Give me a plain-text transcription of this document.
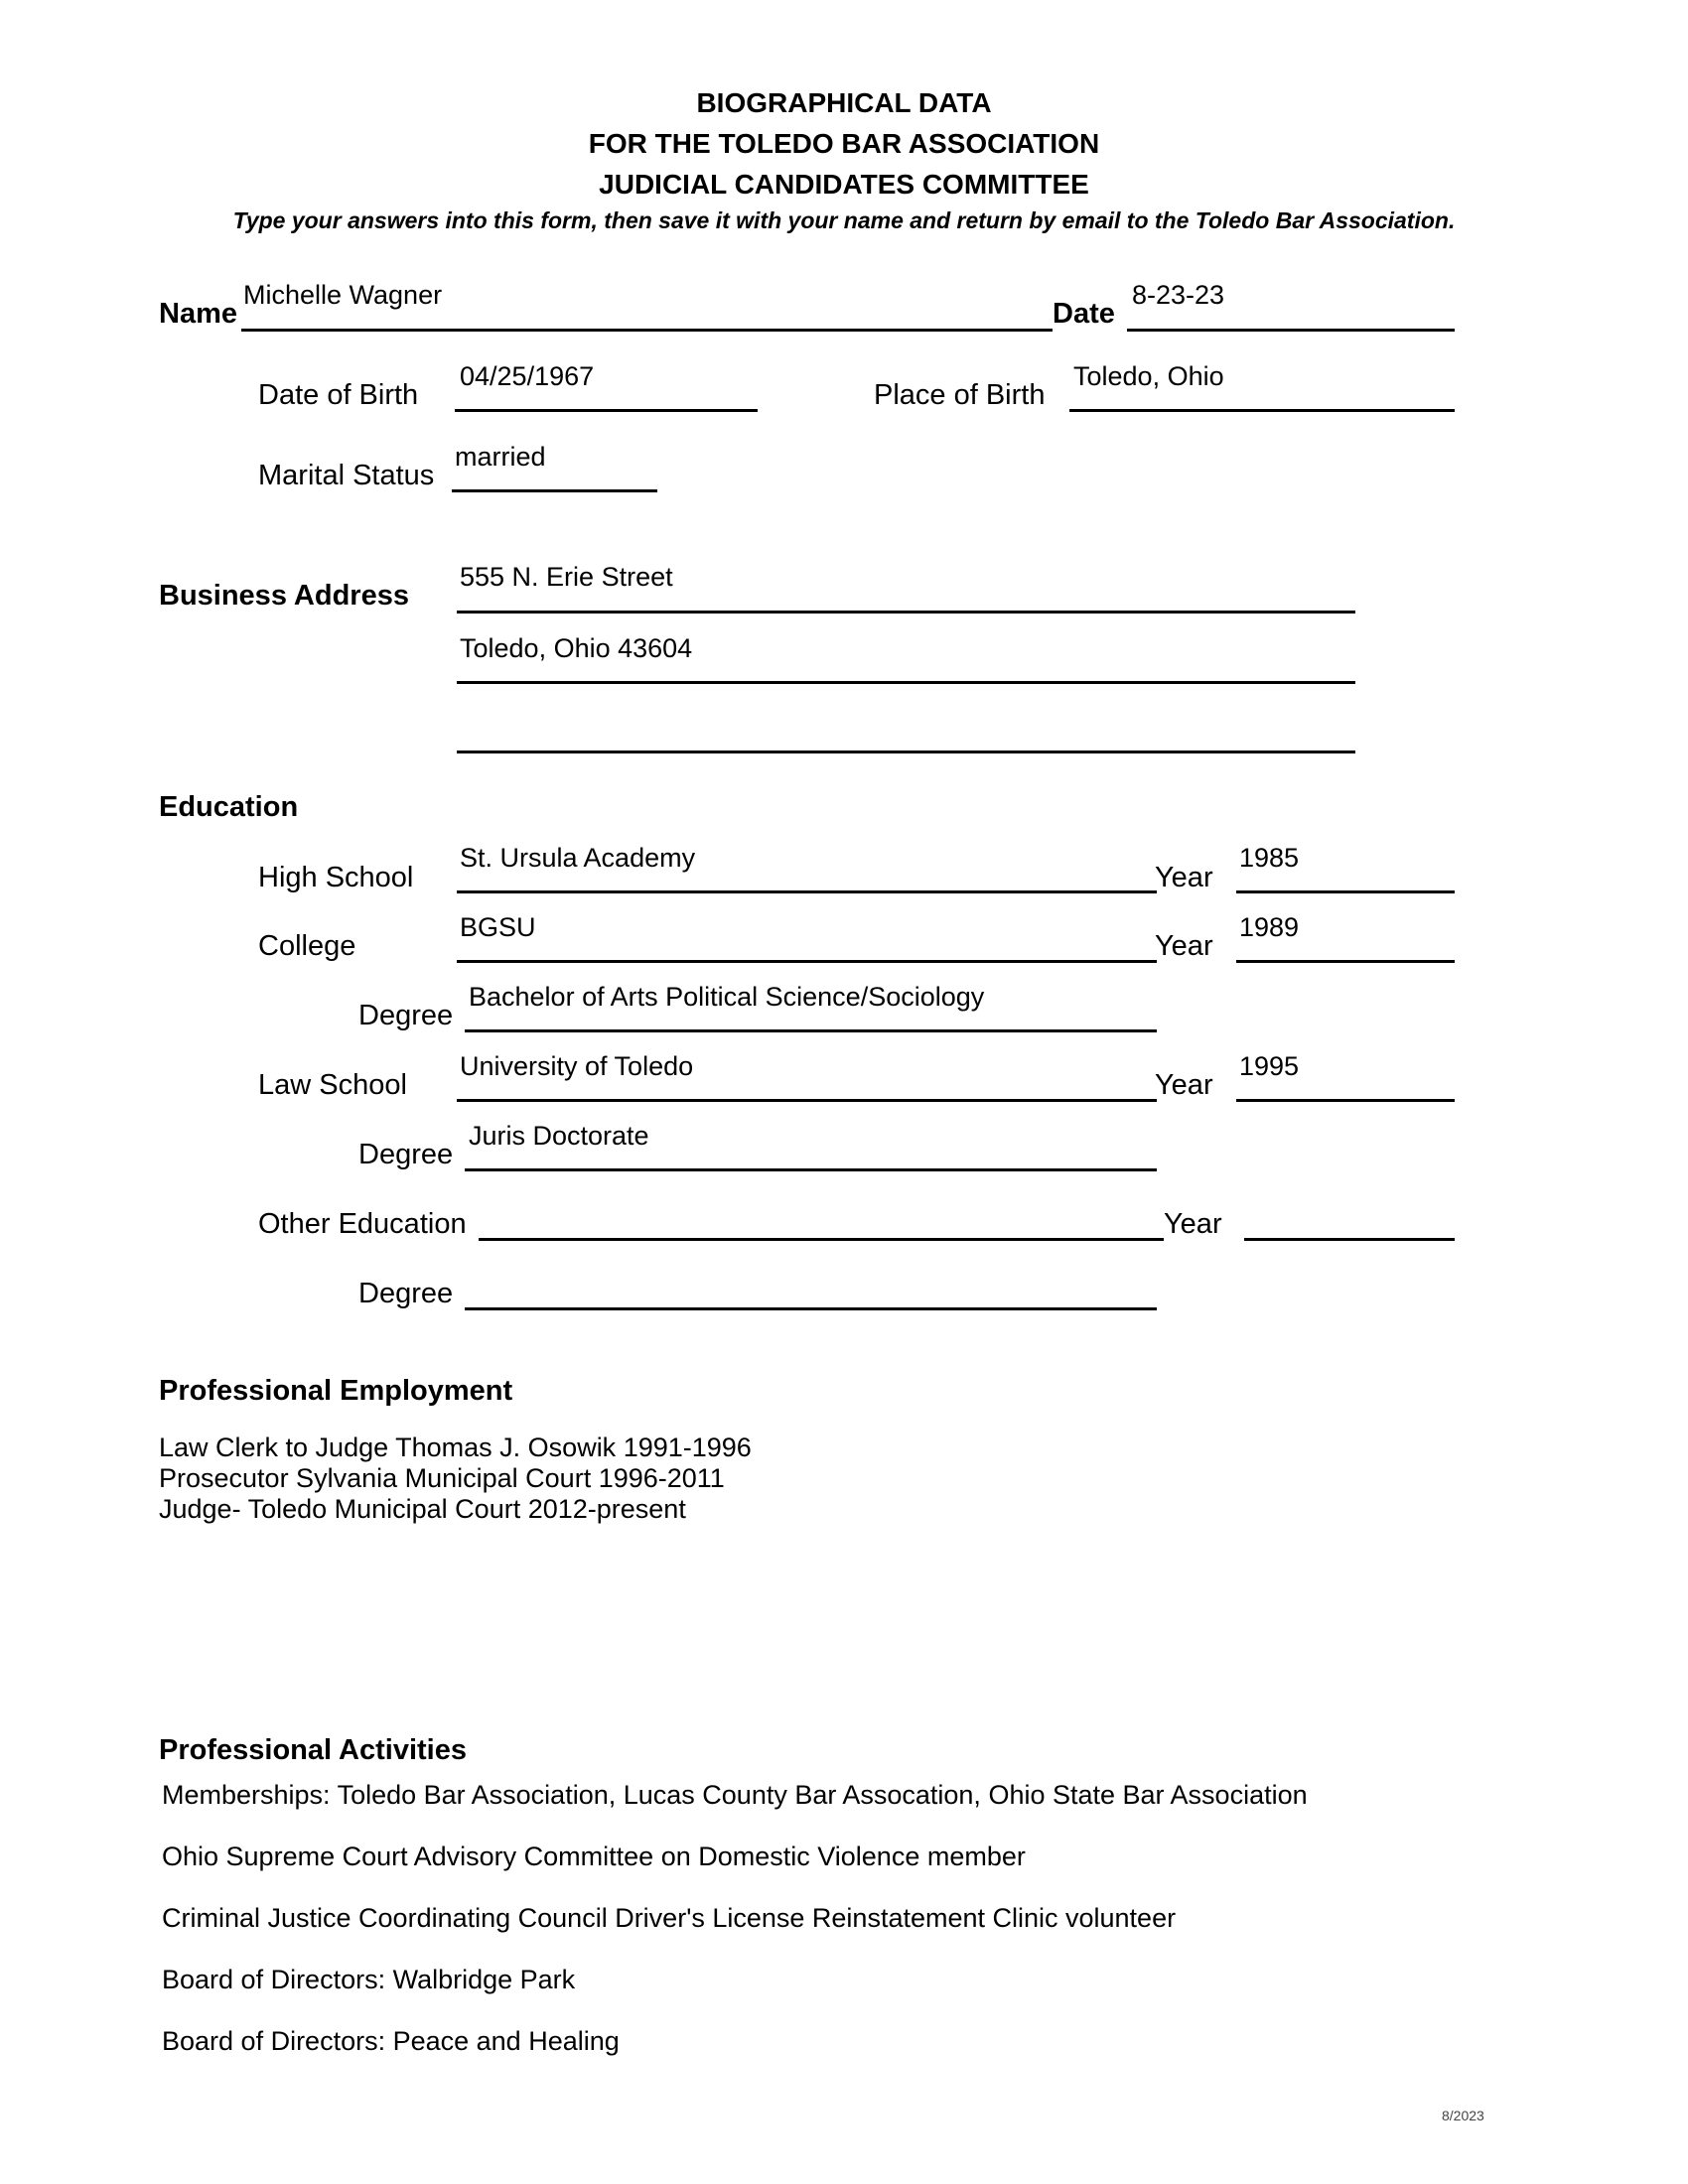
BIOGRAPHICAL DATA
FOR THE TOLEDO BAR ASSOCIATION
JUDICIAL CANDIDATES COMMITTEE
Type your answers into this form, then save it with your name and return by email to the Toledo Bar Association.
Name
Michelle Wagner
Date
8-23-23
Date of Birth
04/25/1967
Place of Birth
Toledo, Ohio
Marital Status
married
Business Address
555 N. Erie Street
Toledo, Ohio 43604
Education
High School
St. Ursula Academy
Year
1985
College
BGSU
Year
1989
Degree
Bachelor of Arts Political Science/Sociology
Law School
University of Toledo
Year
1995
Degree
Juris Doctorate
Other Education	Year
Degree
Professional Employment
Law Clerk to Judge Thomas J. Osowik 1991-1996
Prosecutor Sylvania Municipal Court 1996-2011
Judge- Toledo Municipal Court 2012-present
Professional Activities
Memberships: Toledo Bar Association, Lucas County Bar Assocation, Ohio State Bar Association
Ohio Supreme Court Advisory Committee on Domestic Violence member
Criminal Justice Coordinating Council Driver's License Reinstatement Clinic volunteer
Board of Directors: Walbridge Park
Board of Directors: Peace and Healing
8/2023
